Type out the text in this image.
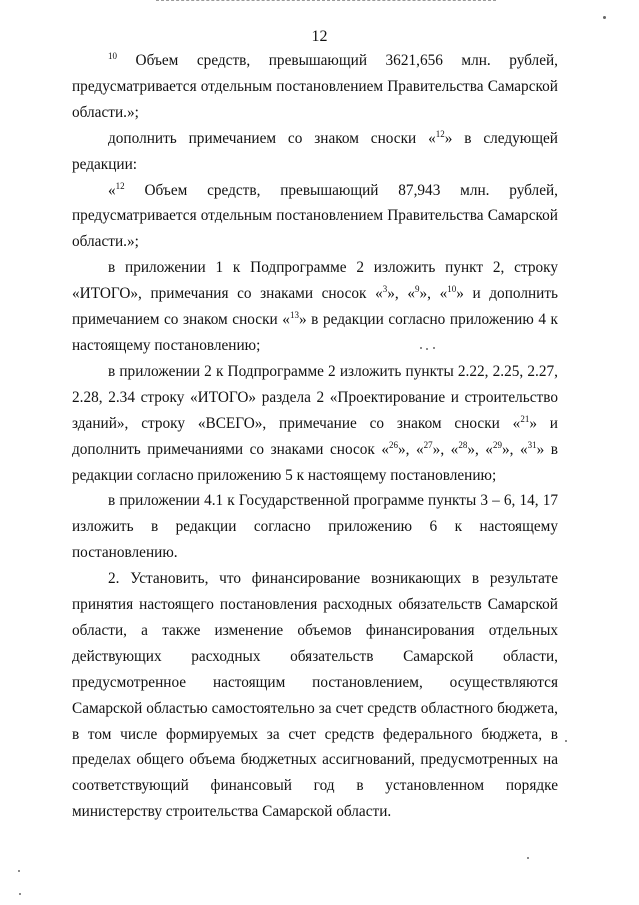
12

$^{10}$ Объем средств, превышающий 3621,656 млн. рублей, предусматривается отдельным постановлением Правительства Самарской области.»;

дополнить примечанием со знаком сноски «$^{12}$» в следующей редакции:

«$^{12}$ Объем средств, превышающий 87,943 млн. рублей, предусматривается отдельным постановлением Правительства Самарской области.»;

в приложении 1 к Подпрограмме 2 изложить пункт 2, строку «ИТОГО», примечания со знаками сносок «$^3$», «$^9$», «$^{10}$» и дополнить примечанием со знаком сноски «$^{13}$» в редакции согласно приложению 4 к настоящему постановлению;

в приложении 2 к Подпрограмме 2 изложить пункты 2.22, 2.25, 2.27, 2.28, 2.34 строку «ИТОГО» раздела 2 «Проектирование и строительство зданий», строку «ВСЕГО», примечание со знаком сноски «$^{21}$» и дополнить примечаниями со знаками сносок «$^{26}$», «$^{27}$», «$^{28}$», «$^{29}$», «$^{31}$» в редакции согласно приложению 5 к настоящему постановлению;

в приложении 4.1 к Государственной программе пункты 3 – 6, 14, 17 изложить в редакции согласно приложению 6 к настоящему постановлению.

2. Установить, что финансирование возникающих в результате принятия настоящего постановления расходных обязательств Самарской области, а также изменение объемов финансирования отдельных действующих расходных обязательств Самарской области, предусмотренное настоящим постановлением, осуществляются Самарской областью самостоятельно за счет средств областного бюджета, в том числе формируемых за счет средств федерального бюджета, в пределах общего объема бюджетных ассигнований, предусмотренных на соответствующий финансовый год в установленном порядке министерству строительства Самарской области.
